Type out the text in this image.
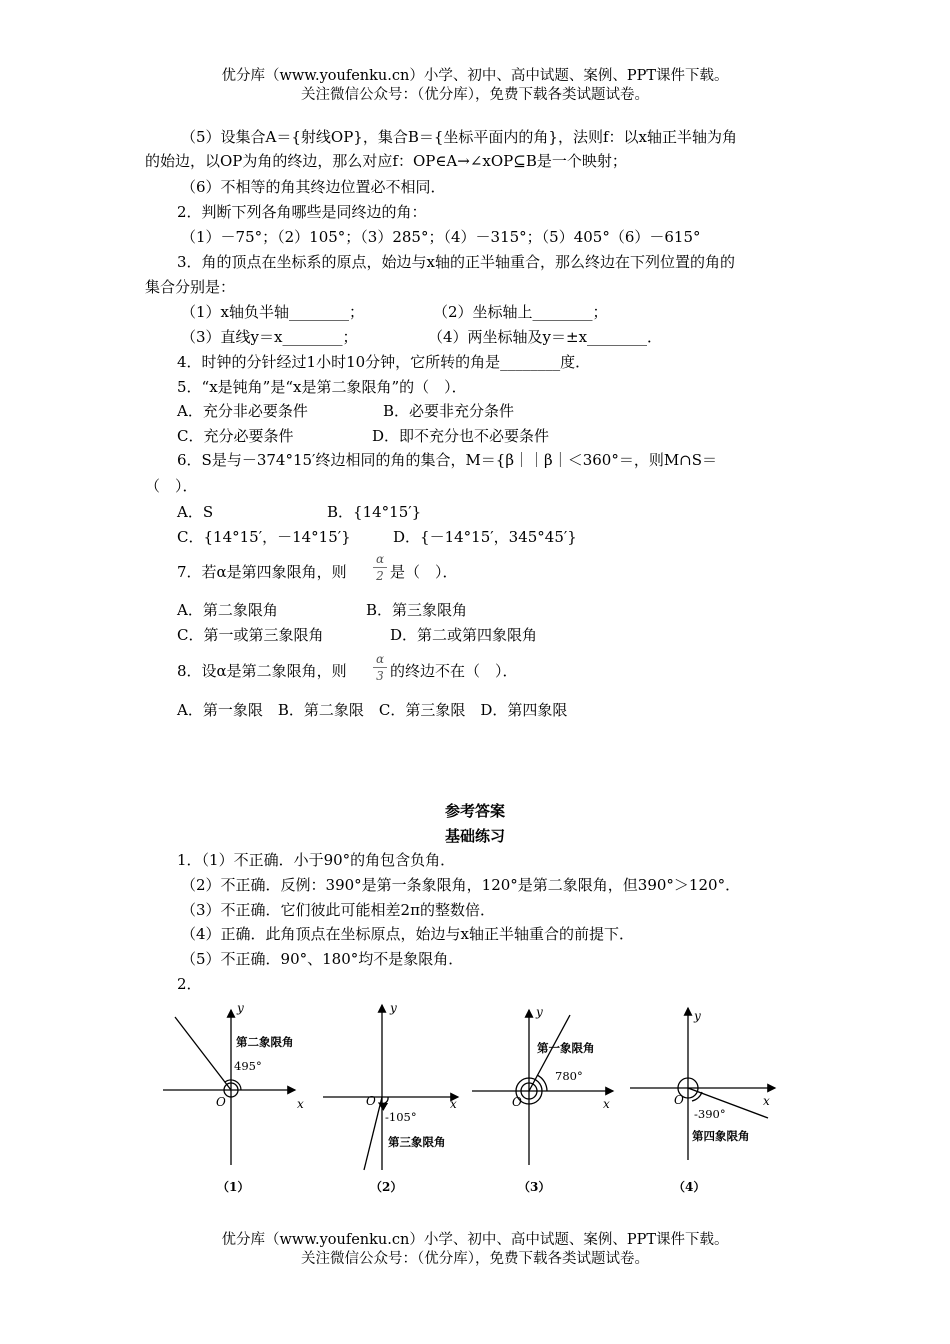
优分库（www.youfenku.cn）小学、初中、高中试题、案例、PPT课件下载。
关注微信公众号：（优分库），免费下载各类试题试卷。
（5）设集合A＝{射线OP}，集合B＝{坐标平面内的角}，法则f：以x轴正半轴为角
的始边，以OP为角的终边，那么对应f：OP∈A→∠xOP⊆B是一个映射；
（6）不相等的角其终边位置必不相同．
2．判断下列各角哪些是同终边的角：
（1）－75°；（2）105°；（3）285°；（4）－315°；（5）405°（6）－615°
3．角的顶点在坐标系的原点，始边与x轴的正半轴重合，那么终边在下列位置的角的
集合分别是：
（1）x轴负半轴________；	（2）坐标轴上________；
（3）直线y＝x________；	（4）两坐标轴及y＝±x________．
4．时钟的分针经过1小时10分钟，它所转的角是________度．
5．“x是钝角”是“x是第二象限角”的（　）．
A．充分非必要条件	B．必要非充分条件
C．充分必要条件	D．即不充分也不必要条件
6．S是与－374°15′终边相同的角的集合，M＝{β｜｜β｜＜360°＝，则M∩S＝
（　）．
A．S	B．{14°15′}
C．{14°15′，－14°15′}	D．{－14°15′，345°45′}
7．若α是第四象限角，则
α
2 是（　）．
A．第二象限角	B．第三象限角
C．第一或第三象限角	D．第二或第四象限角
8．设α是第二象限角，则
α
3 的终边不在（　）．
A．第一象限　B．第二象限　C．第三象限　D．第四象限
参考答案
基础练习
1．（1）不正确．小于90°的角包含负角．
（2）不正确．反例：390°是第一条象限角，120°是第二象限角，但390°＞120°．
（3）不正确．它们彼此可能相差2π的整数倍．
（4）正确．此角顶点在坐标原点，始边与x轴正半轴重合的前提下．
（5）不正确．90°、180°均不是象限角．
2．
y
x
O
y
x
O
y
x
O
y
x
O
第二象限角
495°
-105°
第三象限角
第一象限角
780°
-390°
第四象限角
（1）	（2）	（3）	（4）
优分库（www.youfenku.cn）小学、初中、高中试题、案例、PPT课件下载。
关注微信公众号：（优分库），免费下载各类试题试卷。
